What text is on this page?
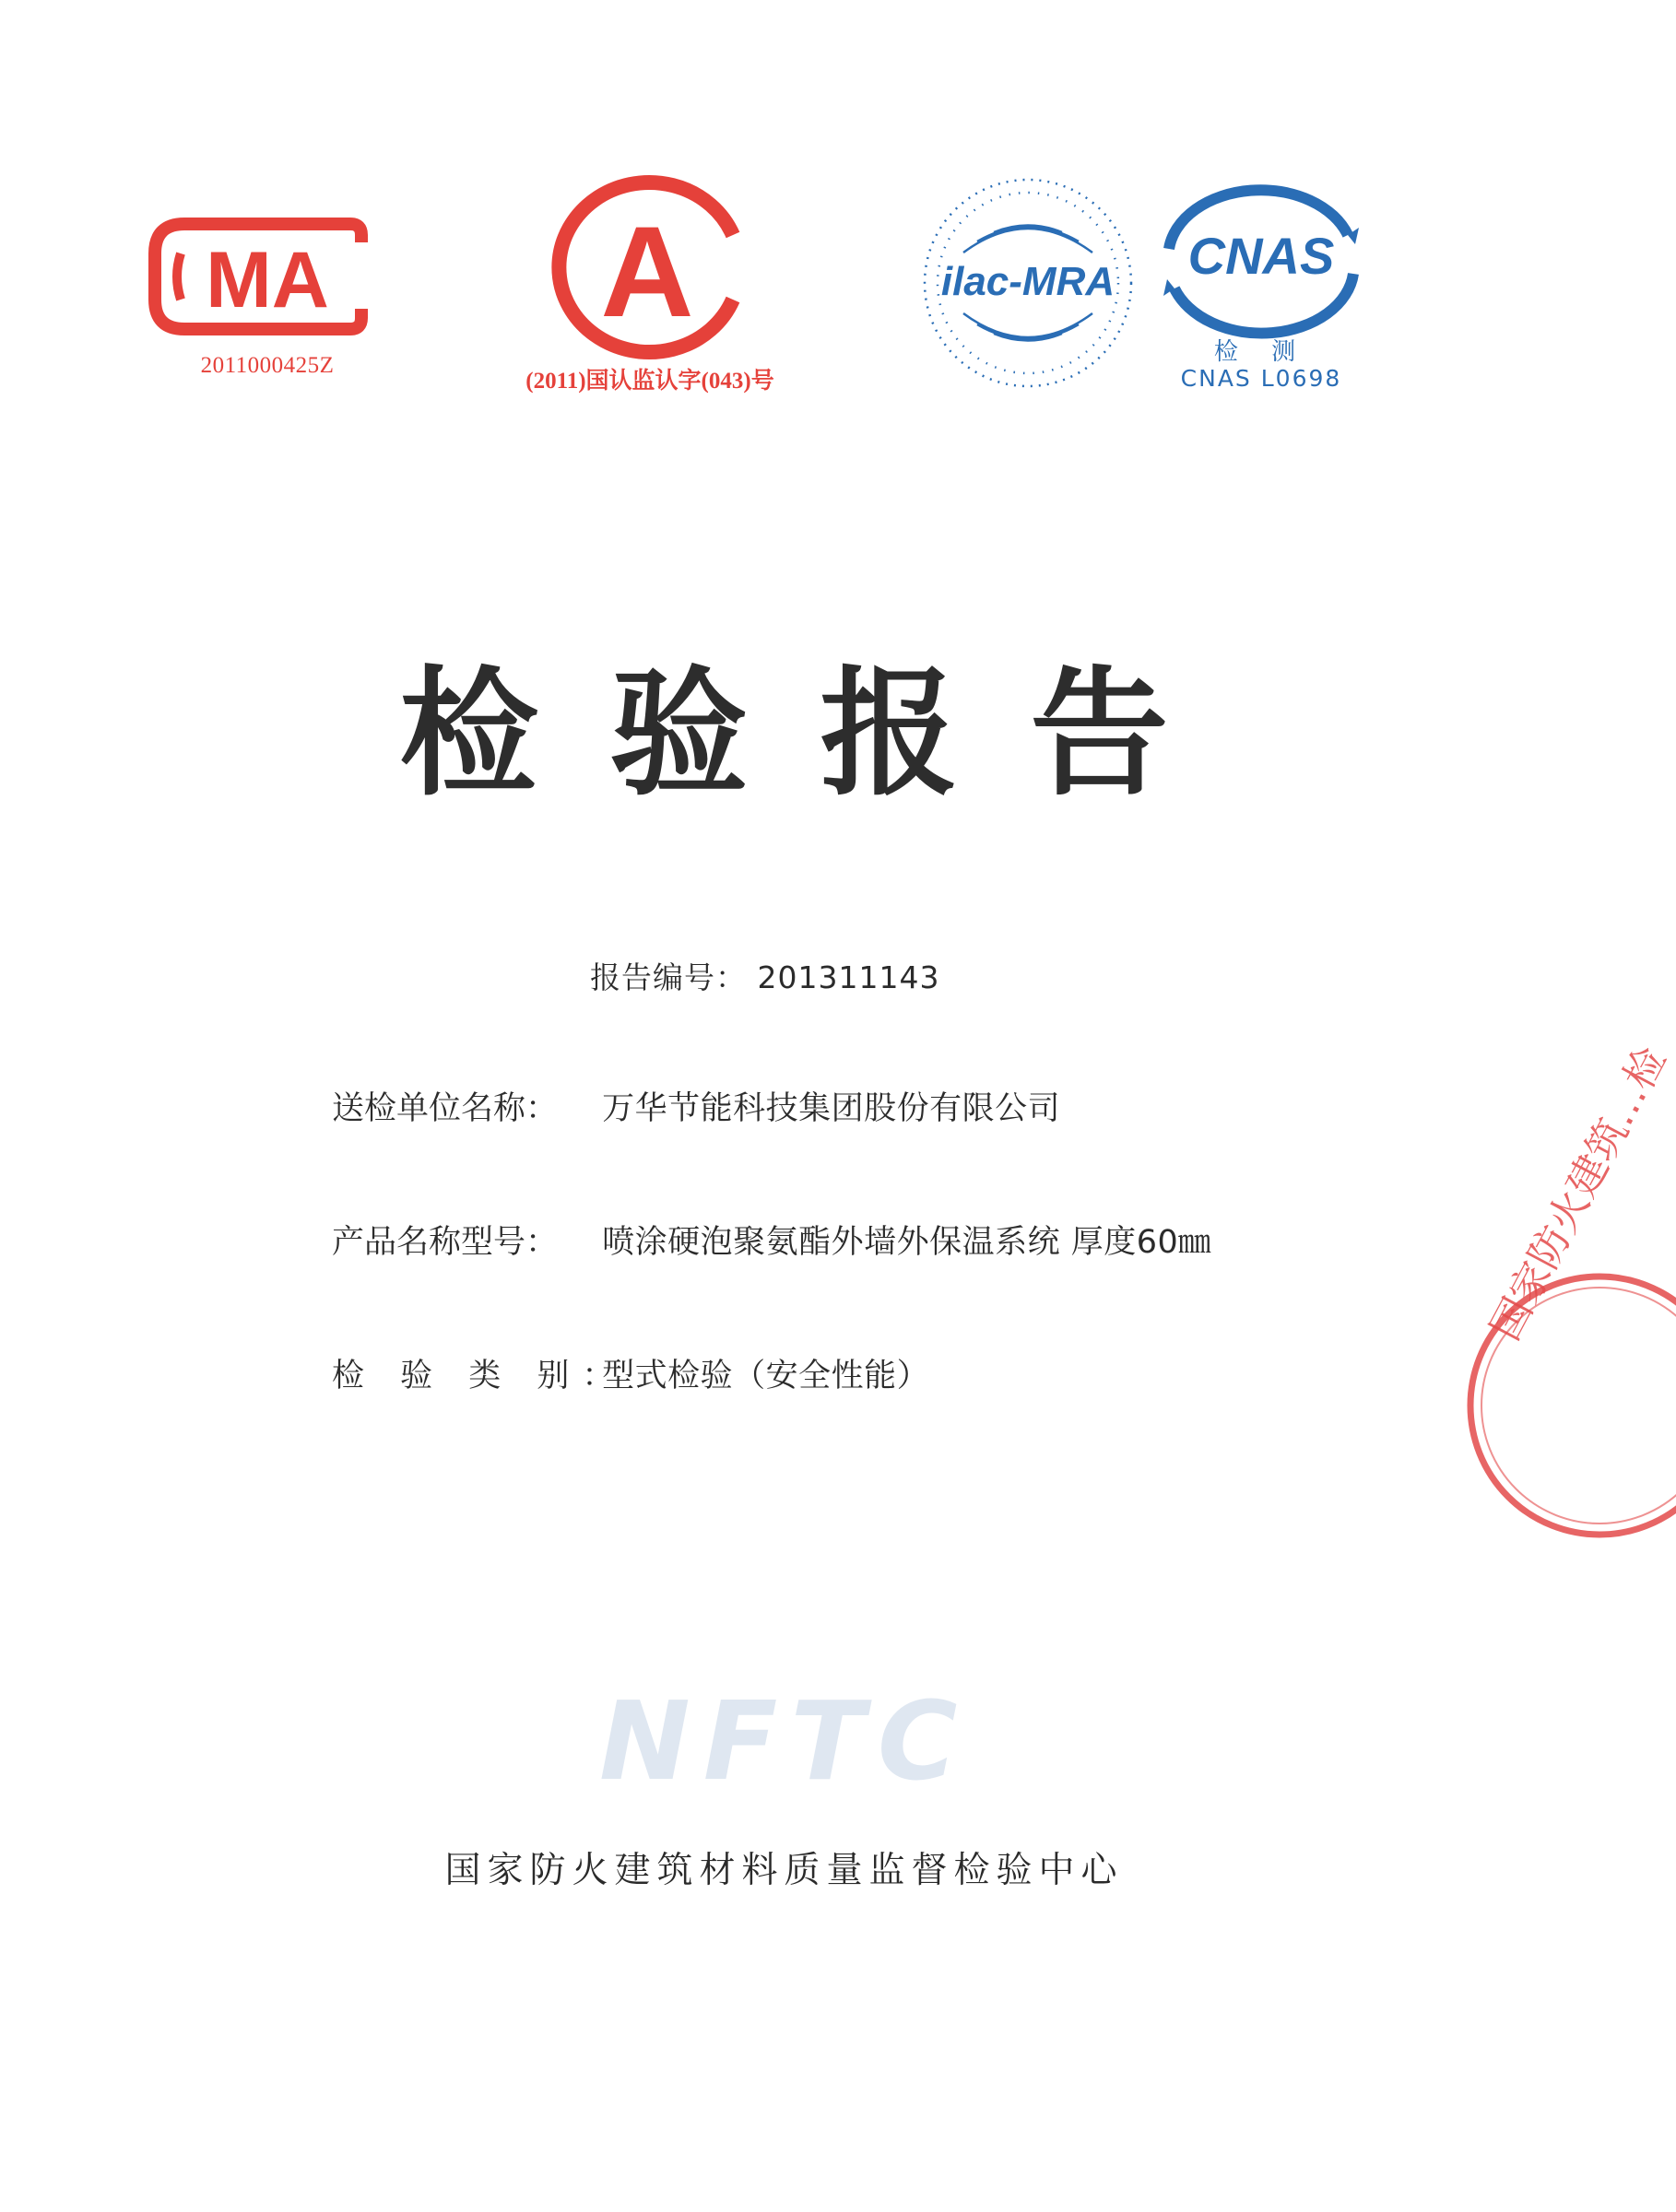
MA
2011000425Z
A
(2011)国认监认字(043)号
ilac-MRA CNAS
检 测
CNAS L0698
检验报告
报告编号： 201311143
送检单位名称： 万华节能科技集团股份有限公司
产品名称型号： 喷涂硬泡聚氨酯外墙外保温系统 厚度60㎜
检 验 类 别： 型式检验（安全性能）
国家防火建筑…检
NFTC
国家防火建筑材料质量监督检验中心
